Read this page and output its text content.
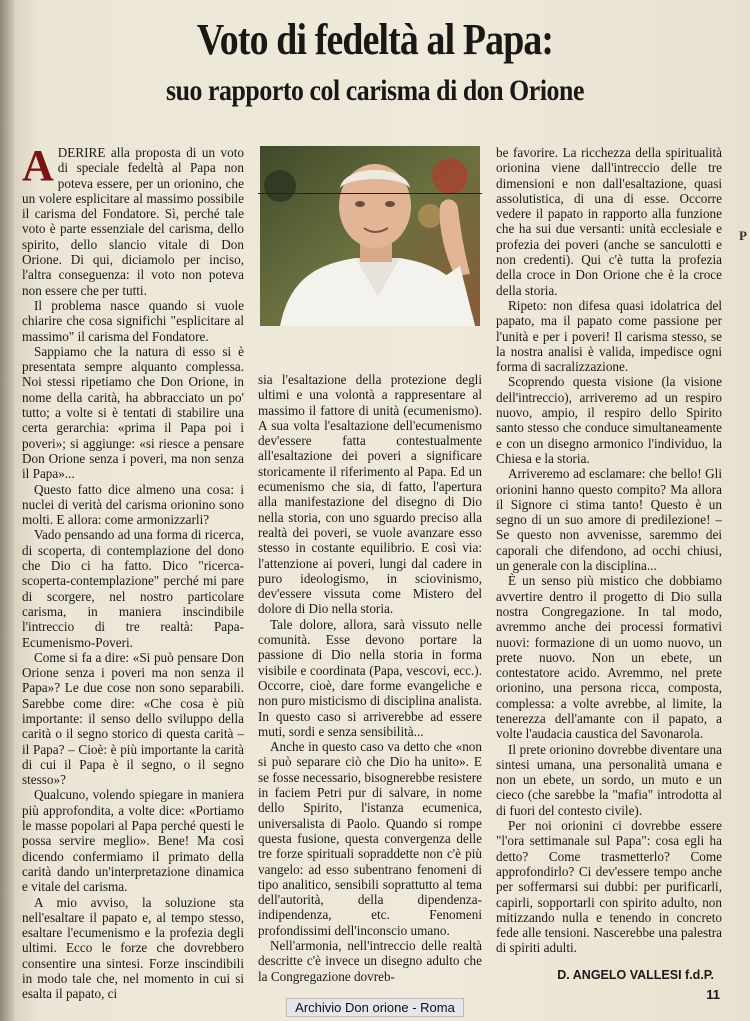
Voto di fedeltà al Papa:
suo rapporto col carisma di don Orione

ADERIRE alla proposta di un voto di speciale fedeltà al Papa non poteva essere, per un orionino, che un volere esplicitare al massimo possibile il carisma del Fondatore. Sì, perché tale voto è parte essenziale del carisma, dello spirito, dello slancio vitale di Don Orione. Di qui, diciamolo per inciso, l'altra conseguenza: il voto non poteva non essere che per tutti.

Il problema nasce quando si vuole chiarire che cosa significhi "esplicitare al massimo" il carisma del Fondatore.

Sappiamo che la natura di esso si è presentata sempre alquanto complessa. Noi stessi ripetiamo che Don Orione, in nome della carità, ha abbracciato un po' tutto; a volte si è tentati di stabilire una certa gerarchia: «prima il Papa poi i poveri»; si aggiunge: «si riesce a pensare Don Orione senza i poveri, ma non senza il Papa»...

Questo fatto dice almeno una cosa: i nuclei di verità del carisma orionino sono molti. E allora: come armonizzarli?

Vado pensando ad una forma di ricerca, di scoperta, di contemplazione del dono che Dio ci ha fatto. Dico "ricerca-scoperta-contemplazione" perché mi pare di scorgere, nel nostro particolare carisma, in maniera inscindibile l'intreccio di tre realtà: Papa-Ecumenismo-Poveri.

Come si fa a dire: «Si può pensare Don Orione senza i poveri ma non senza il Papa»? Le due cose non sono separabili. Sarebbe come dire: «Che cosa è più importante: il senso dello sviluppo della carità o il segno storico di questa carità – il Papa? – Cioè: è più importante la carità di cui il Papa è il segno, o il segno stesso»?

Qualcuno, volendo spiegare in maniera più approfondita, a volte dice: «Portiamo le masse popolari al Papa perché questi le possa servire meglio». Bene! Ma così dicendo confermiamo il primato della carità dando un'interpretazione dinamica e vitale del carisma.

A mio avviso, la soluzione sta nell'esaltare il papato e, al tempo stesso, esaltare l'ecumenismo e la profezia degli ultimi. Ecco le forze che dovrebbero consentire una sintesi. Forze inscindibili in modo tale che, nel momento in cui si esalta il papato, ci

sia l'esaltazione della protezione degli ultimi e una volontà a rappresentare al massimo il fattore di unità (ecumenismo). A sua volta l'esaltazione dell'ecumenismo dev'essere fatta contestualmente all'esaltazione dei poveri a significare storicamente il riferimento al Papa. Ed un ecumenismo che sia, di fatto, l'apertura alla manifestazione del disegno di Dio nella storia, con uno sguardo preciso alla realtà dei poveri, se vuole avanzare esso stesso in costante equilibrio. E così via: l'attenzione ai poveri, lungi dal cadere in puro ideologismo, in sciovinismo, dev'essere vissuta come Mistero del dolore di Dio nella storia.

Tale dolore, allora, sarà vissuto nelle comunità. Esse devono portare la passione di Dio nella storia in forma visibile e coordinata (Papa, vescovi, ecc.). Occorre, cioè, dare forme evangeliche e non puro misticismo di disciplina analista. In questo caso si arriverebbe ad essere muti, sordi e senza sensibilità...

Anche in questo caso va detto che «non si può separare ciò che Dio ha unito». E se fosse necessario, bisognerebbe resistere in faciem Petri pur di salvare, in nome dello Spirito, l'istanza ecumenica, universalista di Paolo. Quando si rompe questa fusione, questa convergenza delle tre forze spirituali sopraddette non c'è più vangelo: ad esso subentrano fenomeni di tipo analitico, sensibili soprattutto al tema dell'autorità, della dipendenza-indipendenza, etc. Fenomeni profondissimi dell'inconscio umano.

Nell'armonia, nell'intreccio delle realtà descritte c'è invece un disegno adulto che la Congregazione dovreb-

be favorire. La ricchezza della spiritualità orionina viene dall'intreccio delle tre dimensioni e non dall'esaltazione, quasi assolutistica, di una di esse. Occorre vedere il papato in rapporto alla funzione che ha sui due versanti: unità ecclesiale e profezia dei poveri (anche se sanculotti e non credenti). Qui c'è tutta la profezia della croce in Don Orione che è la croce della storia.

Ripeto: non difesa quasi idolatrica del papato, ma il papato come passione per l'unità e per i poveri! Il carisma stesso, se la nostra analisi è valida, impedisce ogni forma di sacralizzazione.

Scoprendo questa visione (la visione dell'intreccio), arriveremo ad un respiro nuovo, ampio, il respiro dello Spirito santo stesso che conduce simultaneamente e con un disegno armonico l'individuo, la Chiesa e la storia.

Arriveremo ad esclamare: che bello! Gli orionini hanno questo compito? Ma allora il Signore ci stima tanto! Questo è un segno di un suo amore di predilezione! – Se questo non avvenisse, saremmo dei caporali che difendono, ad occhi chiusi, un generale con la disciplina...

È un senso più mistico che dobbiamo avvertire dentro il progetto di Dio sulla nostra Congregazione. In tal modo, avremmo anche dei processi formativi nuovi: formazione di un uomo nuovo, un prete nuovo. Non un ebete, un contestatore acido. Avremmo, nel prete orionino, una persona ricca, composta, complessa: a volte avrebbe, al limite, la tenerezza dell'amante con il papato, a volte l'audacia caustica del Savonarola.

Il prete orionino dovrebbe diventare una sintesi umana, una personalità umana e non un ebete, un sordo, un muto e un cieco (che sarebbe la "mafia" introdotta al di fuori del contesto civile).

Per noi orionini ci dovrebbe essere "l'ora settimanale sul Papa": cosa egli ha detto? Come trasmetterlo? Come approfondirlo? Ci dev'essere tempo anche per soffermarsi sui dubbi: per purificarli, capirli, sopportarli con spirito adulto, non mitizzando nulla e tenendo in concreto fede alle tensioni. Nascerebbe una palestra di spiriti adulti.

P
D. ANGELO VALLESI f.d.P.
11
Archivio Don orione - Roma
